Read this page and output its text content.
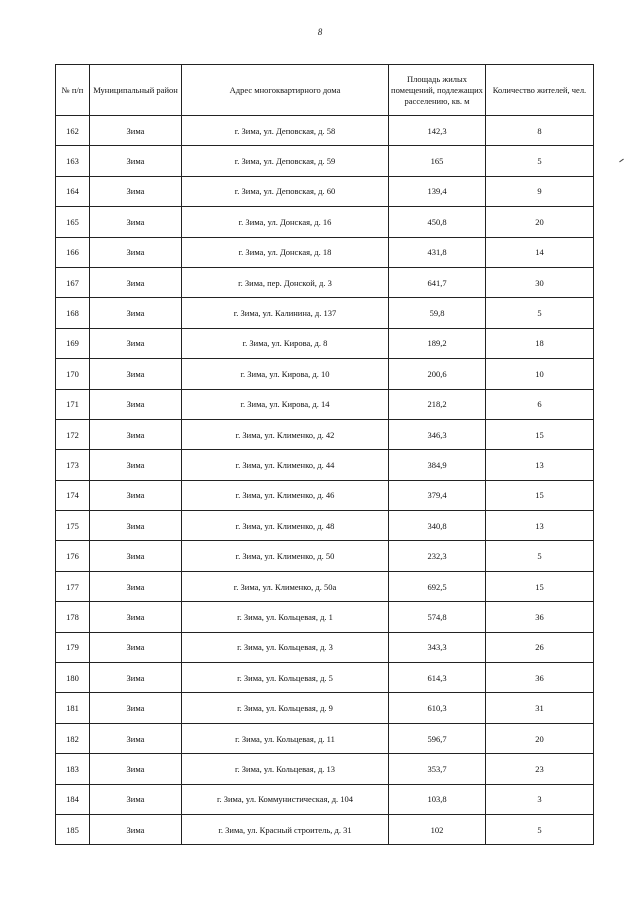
8
№ п/п	Муниципальный район	Адрес многоквартирного дома	Площадь жилых помещений, подлежащих расселению, кв. м	Количество жителей, чел.
162	Зима	г. Зима, ул. Деповская, д. 58	142,3	8
163	Зима	г. Зима, ул. Деповская, д. 59	165	5
164	Зима	г. Зима, ул. Деповская, д. 60	139,4	9
165	Зима	г. Зима, ул. Донская, д. 16	450,8	20
166	Зима	г. Зима, ул. Донская, д. 18	431,8	14
167	Зима	г. Зима, пер. Донской, д. 3	641,7	30
168	Зима	г. Зима, ул. Калинина, д. 137	59,8	5
169	Зима	г. Зима, ул. Кирова, д. 8	189,2	18
170	Зима	г. Зима, ул. Кирова, д. 10	200,6	10
171	Зима	г. Зима, ул. Кирова, д. 14	218,2	6
172	Зима	г. Зима, ул. Клименко, д. 42	346,3	15
173	Зима	г. Зима, ул. Клименко, д. 44	384,9	13
174	Зима	г. Зима, ул. Клименко, д. 46	379,4	15
175	Зима	г. Зима, ул. Клименко, д. 48	340,8	13
176	Зима	г. Зима, ул. Клименко, д. 50	232,3	5
177	Зима	г. Зима, ул. Клименко, д. 50а	692,5	15
178	Зима	г. Зима, ул. Кольцевая, д. 1	574,8	36
179	Зима	г. Зима, ул. Кольцевая, д. 3	343,3	26
180	Зима	г. Зима, ул. Кольцевая, д. 5	614,3	36
181	Зима	г. Зима, ул. Кольцевая, д. 9	610,3	31
182	Зима	г. Зима, ул. Кольцевая, д. 11	596,7	20
183	Зима	г. Зима, ул. Кольцевая, д. 13	353,7	23
184	Зима	г. Зима, ул. Коммунистическая, д. 104	103,8	3
185	Зима	г. Зима, ул. Красный строитель, д. 31	102	5
